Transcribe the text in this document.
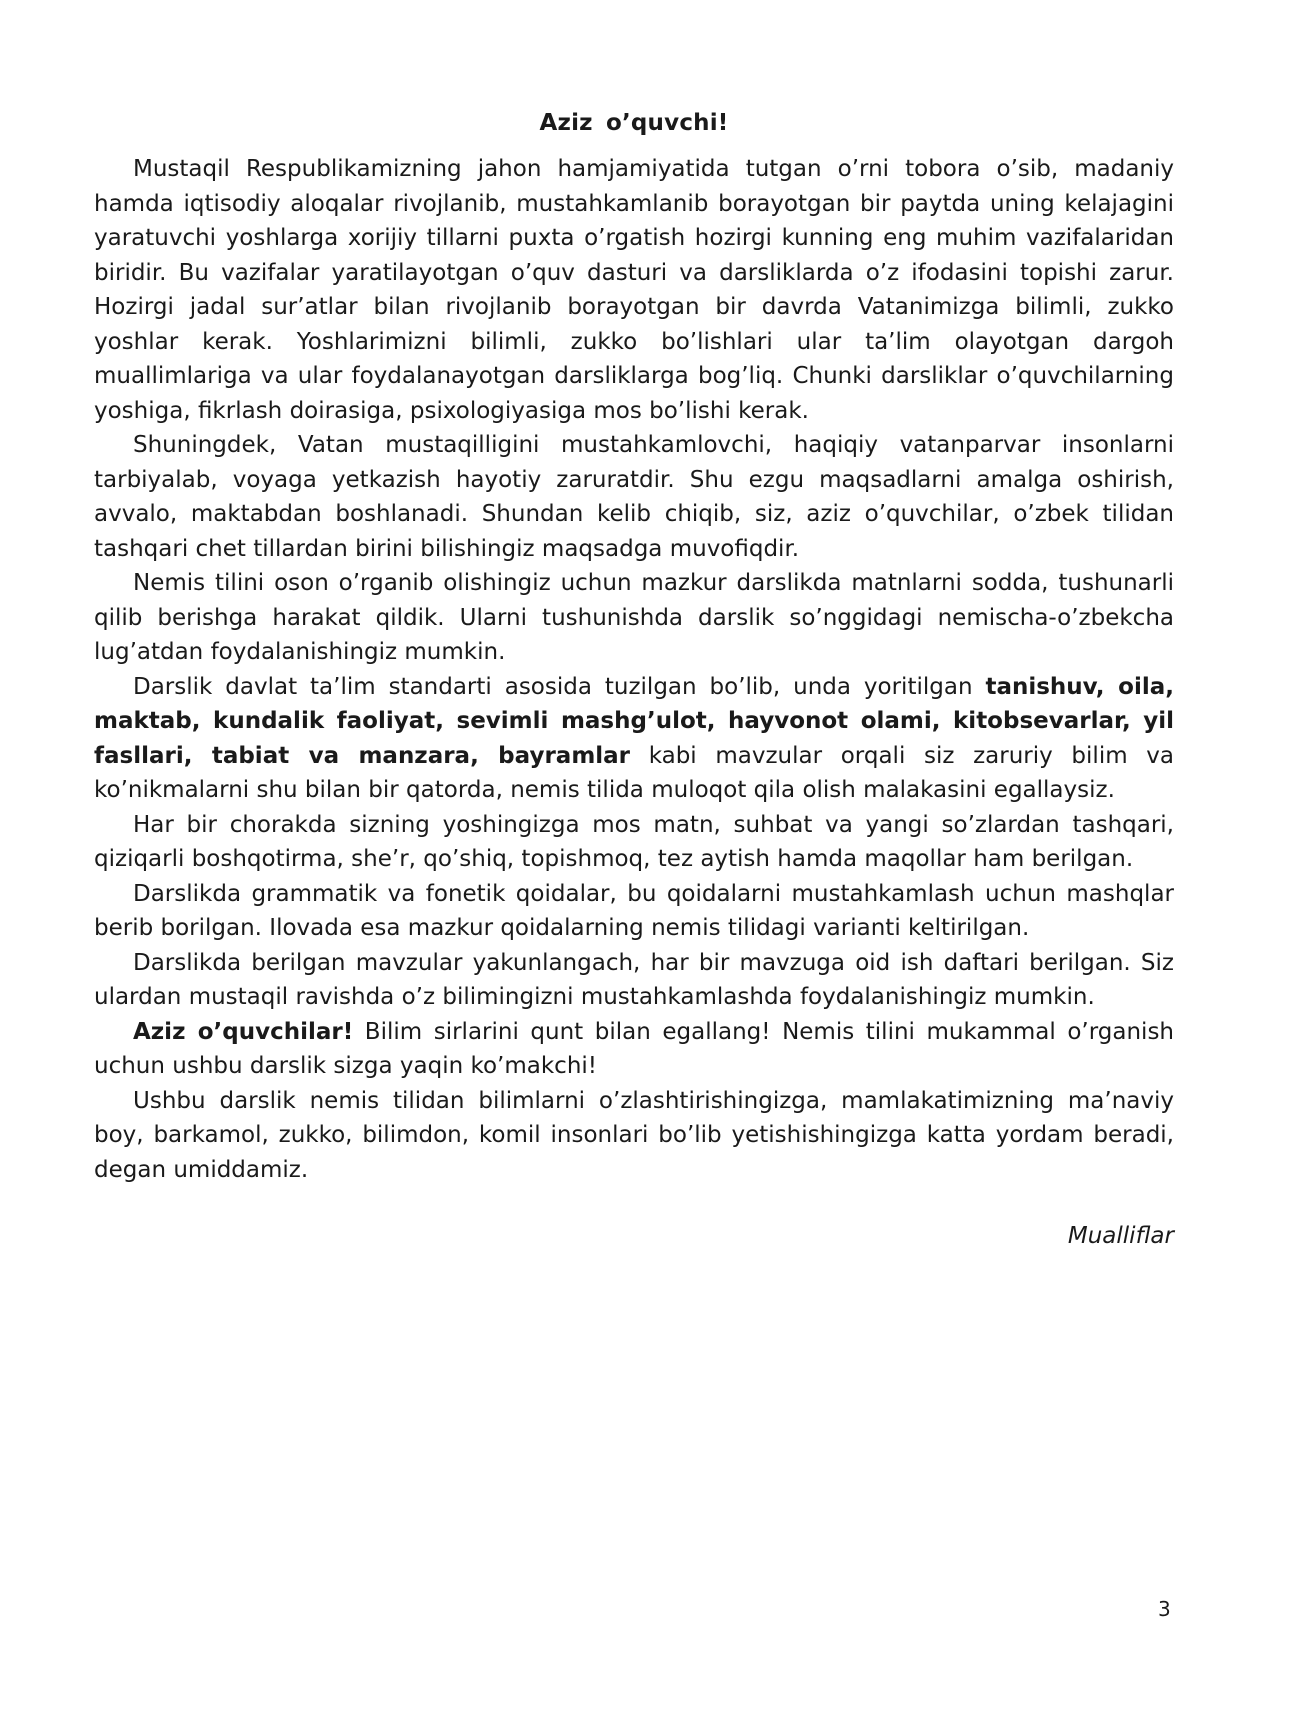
Aziz o’quvchi!

Mustaqil Respublikamizning jahon hamjamiyatida tutgan o’rni tobora o’sib, madaniy hamda iqtisodiy aloqalar rivojlanib, mustahkamlanib borayotgan bir paytda uning kelajagini yaratuvchi yoshlarga xorijiy tillarni puxta o’rgatish hozirgi kunning eng muhim vazifalaridan biridir. Bu vazifalar yaratilayotgan o’quv dasturi va darsliklarda o’z ifodasini topishi zarur. Hozirgi jadal sur’atlar bilan rivojlanib borayotgan bir davrda Vatanimizga bilimli, zukko yoshlar kerak. Yoshlarimizni bilimli, zukko bo’lishlari ular ta’lim olayotgan dargoh muallimlariga va ular foydalanayotgan darsliklarga bog’liq. Chunki darsliklar o’quvchilarning yoshiga, fikrlash doirasiga, psixologiyasiga mos bo’lishi kerak.

Shuningdek, Vatan mustaqilligini mustahkamlovchi, haqiqiy vatanparvar insonlarni tarbiyalab, voyaga yetkazish hayotiy zaruratdir. Shu ezgu maqsadlarni amalga oshirish, avvalo, maktabdan boshlanadi. Shundan kelib chiqib, siz, aziz o’quvchilar, o’zbek tilidan tashqari chet tillardan birini bilishingiz maqsadga muvofiqdir.

Nemis tilini oson o’rganib olishingiz uchun mazkur darslikda matnlarni sodda, tushunarli qilib berishga harakat qildik. Ularni tushunishda darslik so’nggidagi nemischa-o’zbekcha lug’atdan foydalanishingiz mumkin.

Darslik davlat ta’lim standarti asosida tuzilgan bo’lib, unda yoritilgan tanishuv, oila, maktab, kundalik faoliyat, sevimli mashg’ulot, hayvonot olami, kitobsevarlar, yil fasllari, tabiat va manzara, bayramlar kabi mavzular orqali siz zaruriy bilim va ko’nikmalarni shu bilan bir qatorda, nemis tilida muloqot qila olish malakasini egallaysiz.

Har bir chorakda sizning yoshingizga mos matn, suhbat va yangi so’zlardan tashqari, qiziqarli boshqotirma, she’r, qo’shiq, topishmoq, tez aytish hamda maqollar ham berilgan.

Darslikda grammatik va fonetik qoidalar, bu qoidalarni mustahkamlash uchun mashqlar berib borilgan. Ilovada esa mazkur qoidalarning nemis tilidagi varianti keltirilgan.

Darslikda berilgan mavzular yakunlangach, har bir mavzuga oid ish daftari berilgan. Siz ulardan mustaqil ravishda o’z bilimingizni mustahkamlashda foydalanishingiz mumkin.

Aziz o’quvchilar! Bilim sirlarini qunt bilan egallang! Nemis tilini mukammal o’rganish uchun ushbu darslik sizga yaqin ko’makchi!

Ushbu darslik nemis tilidan bilimlarni o’zlashtirishingizga, mamlakatimizning ma’naviy boy, barkamol, zukko, bilimdon, komil insonlari bo’lib yetishishingizga katta yordam beradi, degan umiddamiz.

Mualliflar
3
